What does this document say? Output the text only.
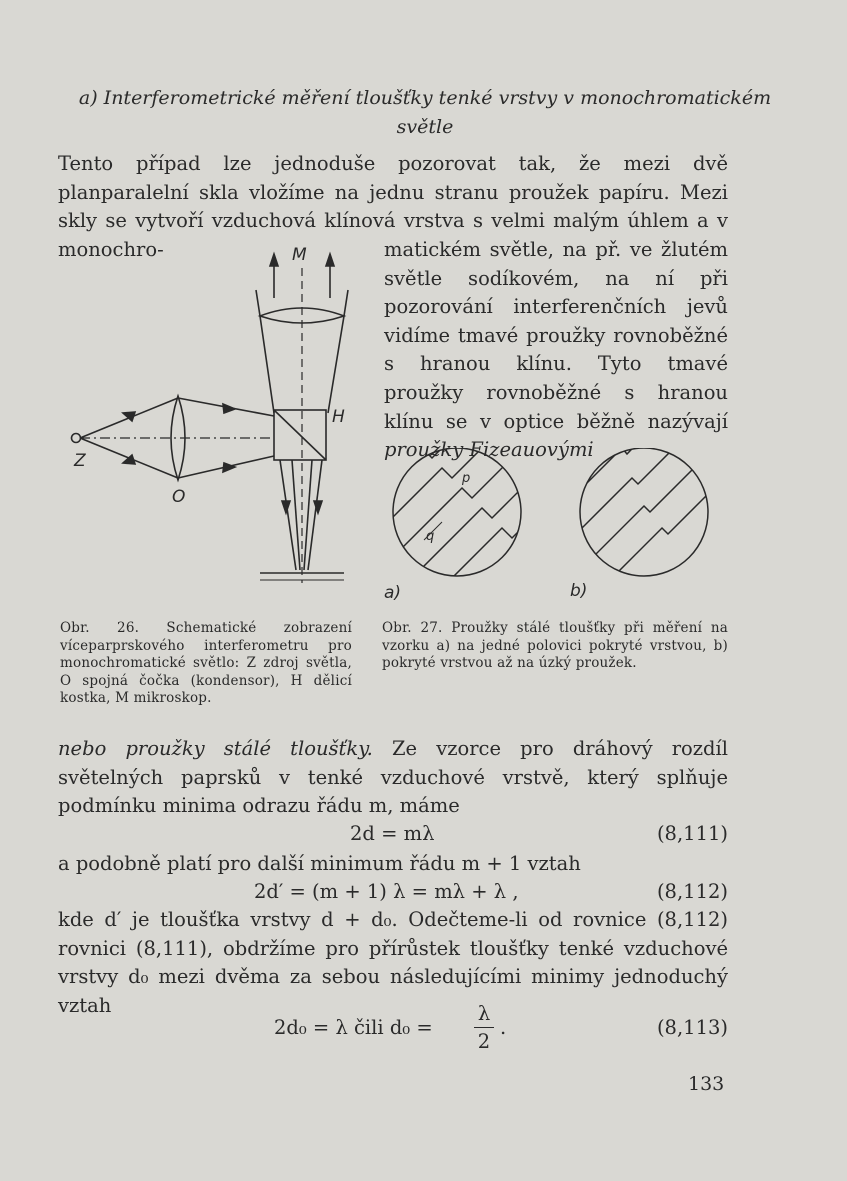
a) Interferometrické měření tloušťky tenké vrstvy v monochromatickém
světle
Tento případ lze jednoduše pozorovat tak, že mezi dvě planparalelní skla vložíme na jednu stranu proužek papíru. Mezi skly se vytvoří vzduchová klínová vrstva s velmi malým úhlem a v monochro-	matickém světle, na př. ve žlutém světle sodíkovém, na ní při pozorování interferenčních jevů vidíme tmavé proužky rovnoběžné s hranou klínu. Tyto tmavé proužky rovnoběžné s hranou klínu se v optice běžně nazývají proužky Fizeauovými
M
H
Z
O
p
q
a)	b)
Obr. 26. Schematické zobrazení víceparprskového interferometru pro monochromatické světlo: Z zdroj světla, O spojná čočka (kondensor), H dělicí kostka, M mikroskop.
Obr. 27. Proužky stálé tloušťky při měření na vzorku a) na jedné polovici pokryté vrstvou, b) pokryté vrstvou až na úzký proužek.
nebo proužky stálé tloušťky. Ze vzorce pro dráhový rozdíl světelných paprsků v tenké vzduchové vrstvě, který splňuje podmínku minima odrazu řádu m, máme
2d = mλ	(8,111)
a podobně platí pro další minimum řádu m + 1 vztah
2d′ = (m + 1) λ = mλ + λ ,	(8,112)
kde d′ je tloušťka vrstvy d + d₀. Odečteme-li od rovnice (8,112) rovnici (8,111), obdržíme pro přírůstek tloušťky tenké vzduchové vrstvy d₀ mezi dvěma za sebou následujícími minimy jednoduchý vztah
2d₀ = λ čili d₀ =
λ
2
.	(8,113)
133
